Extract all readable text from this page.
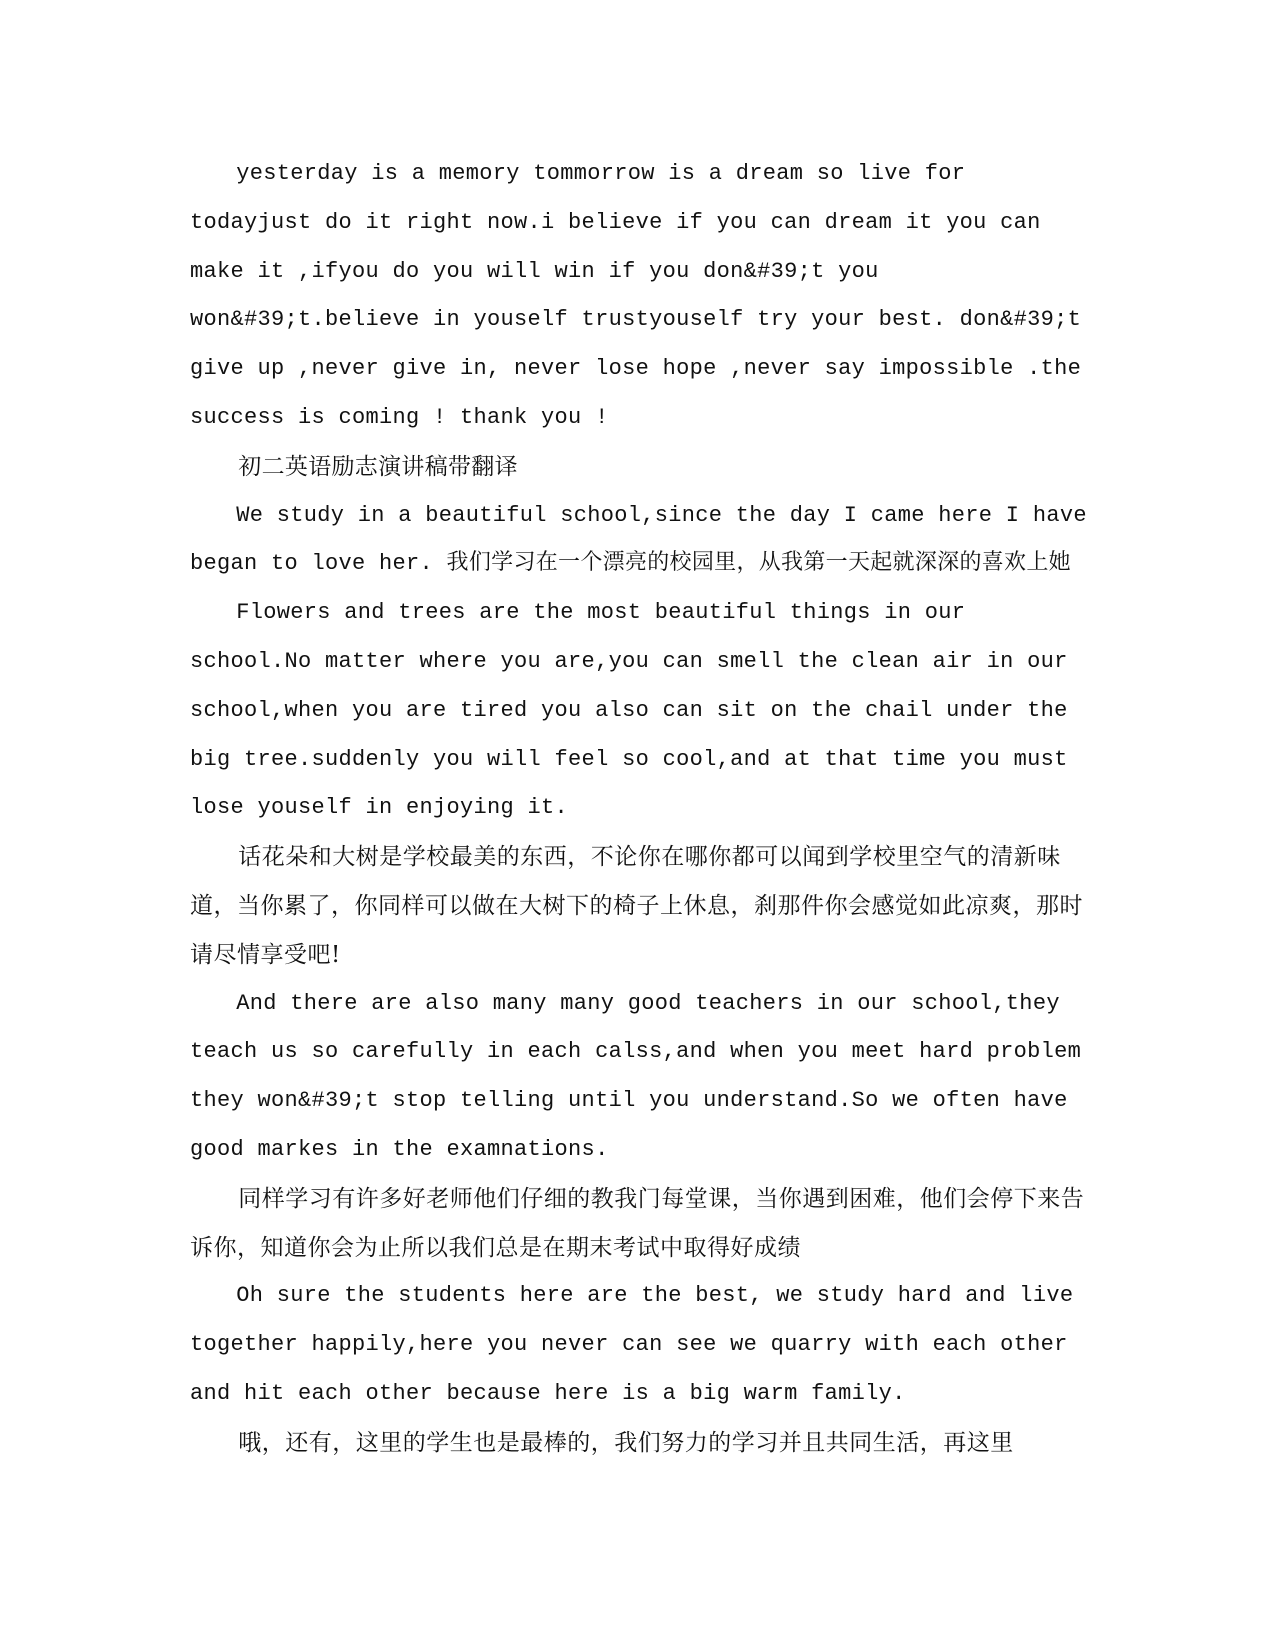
yesterday is a memory tommorrow is a dream so live for todayjust do it right now.i believe if you can dream it you can make it ,ifyou do you will win if you don&#39;t you won&#39;t.believe in youself trustyouself try your best. don&#39;t give up ,never give in, never lose hope ,never say impossible .the success is coming ! thank you !

初二英语励志演讲稿带翻译

We study in a beautiful school,since the day I came here I have began to love her. 我们学习在一个漂亮的校园里，从我第一天起就深深的喜欢上她

Flowers and trees are the most beautiful things in our school.No matter where you are,you can smell the clean air in our school,when you are tired you also can sit on the chail under the big tree.suddenly you will feel so cool,and at that time you must lose youself in enjoying it.

话花朵和大树是学校最美的东西，不论你在哪你都可以闻到学校里空气的清新味道，当你累了，你同样可以做在大树下的椅子上休息，刹那件你会感觉如此凉爽，那时请尽情享受吧!

And there are also many many good teachers in our school,they teach us so carefully in each calss,and when you meet hard problem they won&#39;t stop telling until you understand.So we often have good markes in the examnations.

同样学习有许多好老师他们仔细的教我门每堂课，当你遇到困难，他们会停下来告诉你，知道你会为止所以我们总是在期末考试中取得好成绩

Oh sure the students here are the best, we study hard and live together happily,here you never can see we quarry with each other and hit each other because here is a big warm family.

哦，还有，这里的学生也是最棒的，我们努力的学习并且共同生活，再这里
